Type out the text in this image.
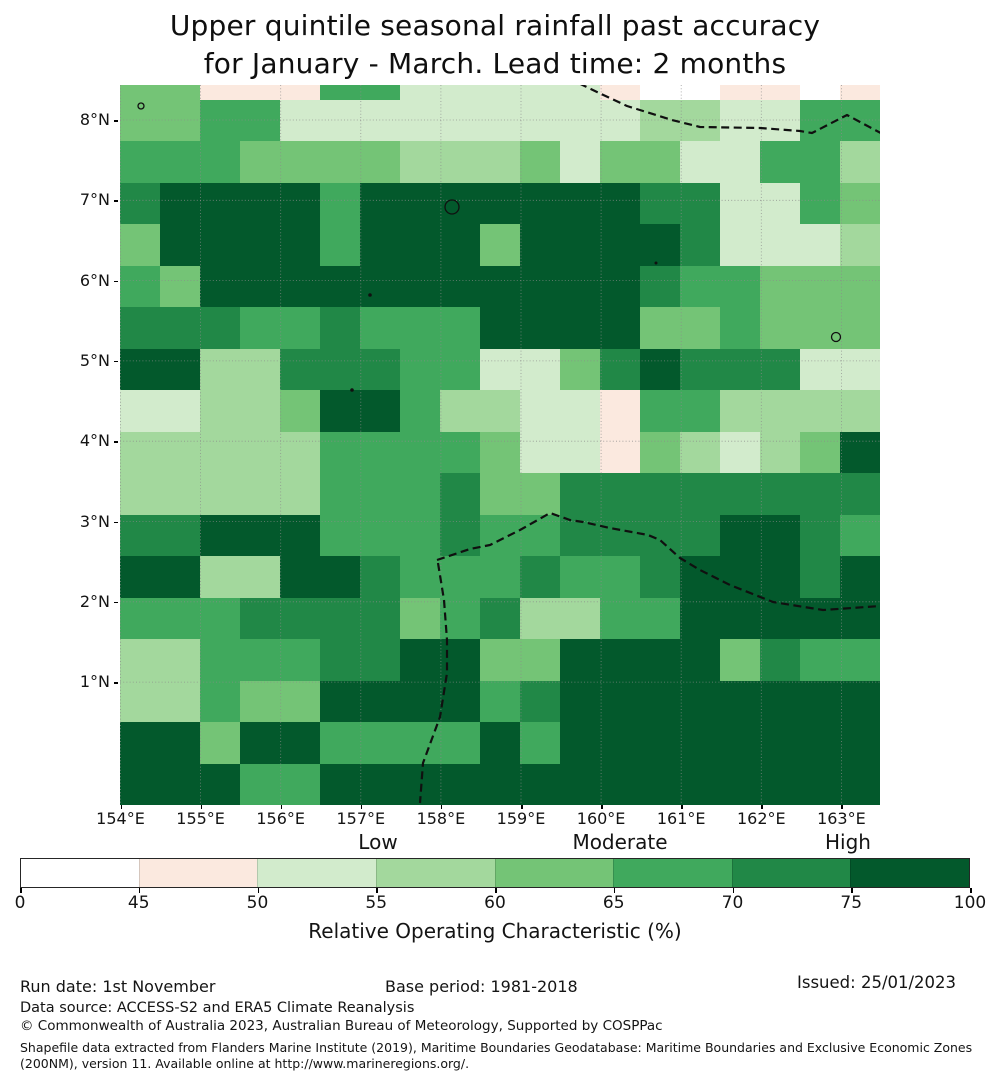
Upper quintile seasonal rainfall past accuracy
for January - March. Lead time: 2 months
154°E	155°E	156°E	157°E	158°E	159°E	160°E	161°E	162°E	163°E
8°N
7°N
6°N
5°N
4°N
3°N
2°N
1°N
0	45	50	55	60	65	70	75	100
Low	Moderate	High
Relative Operating Characteristic (%)
Run date: 1st November	Base period: 1981-2018	Issued: 25/01/2023
Data source: ACCESS-S2 and ERA5 Climate Reanalysis
© Commonwealth of Australia 2023, Australian Bureau of Meteorology, Supported by COSPPac
Shapefile data extracted from Flanders Marine Institute (2019), Maritime Boundaries Geodatabase: Maritime Boundaries and Exclusive Economic Zones
(200NM), version 11. Available online at http://www.marineregions.org/.
